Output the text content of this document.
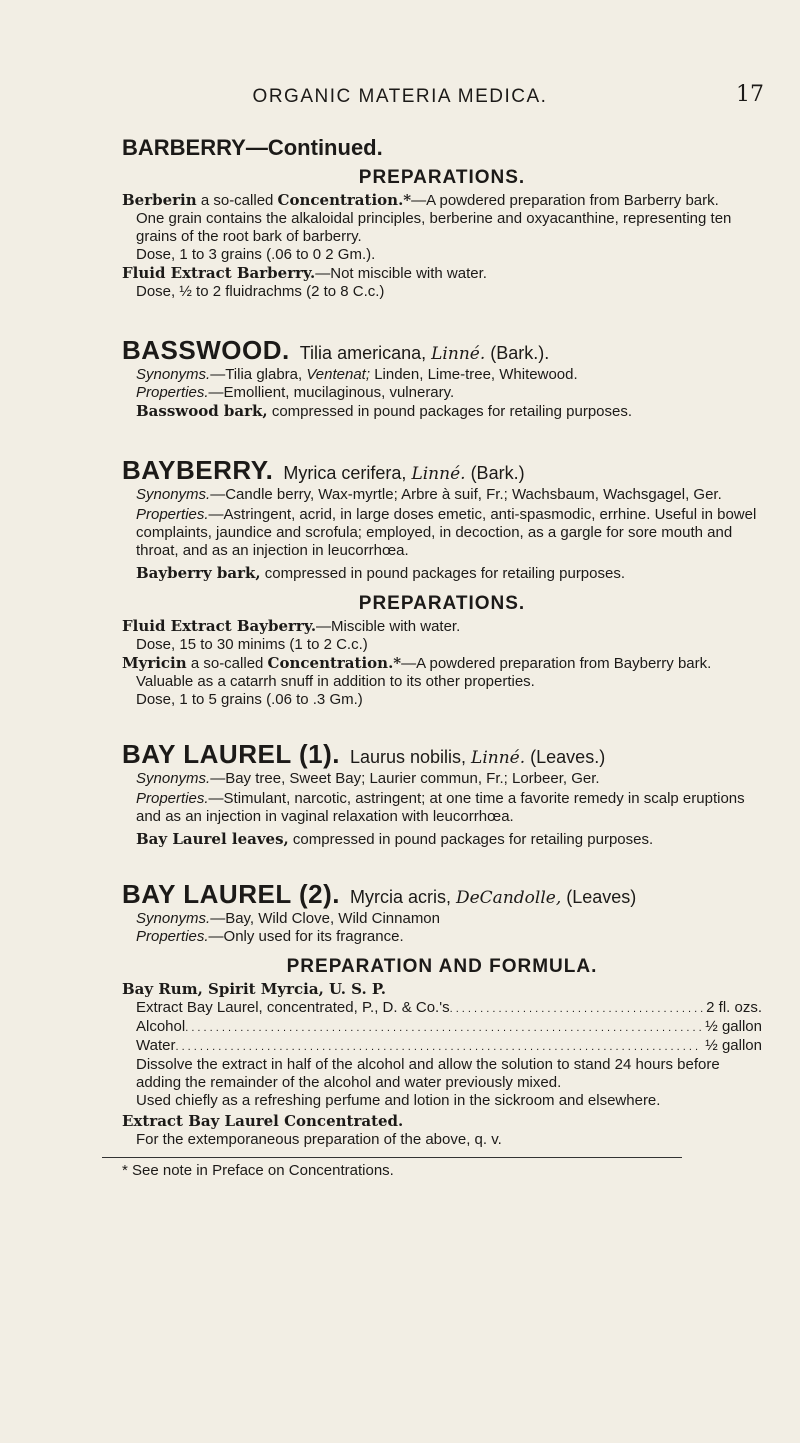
ORGANIC MATERIA MEDICA.	17
BARBERRY—Continued.
PREPARATIONS.
Berberin a so-called Concentration.*—A powdered preparation from Barberry bark.
One grain contains the alkaloidal principles, berberine and oxyacanthine, representing ten grains of the root bark of barberry.
Dose, 1 to 3 grains (.06 to 0 2 Gm.).
Fluid Extract Barberry.—Not miscible with water.
Dose, ½ to 2 fluidrachms (2 to 8 C.c.)
BASSWOOD. Tilia americana, Linné. (Bark.).
Synonyms.—Tilia glabra, Ventenat; Linden, Lime-tree, Whitewood.
Properties.—Emollient, mucilaginous, vulnerary.
Basswood bark, compressed in pound packages for retailing purposes.
BAYBERRY. Myrica cerifera, Linné. (Bark.)
Synonyms.—Candle berry, Wax-myrtle; Arbre à suif, Fr.; Wachsbaum, Wachsgagel, Ger.
Properties.—Astringent, acrid, in large doses emetic, anti-spasmodic, errhine. Useful in bowel complaints, jaundice and scrofula; employed, in decoction, as a gargle for sore mouth and throat, and as an injection in leucorrhœa.
Bayberry bark, compressed in pound packages for retailing purposes.
PREPARATIONS.
Fluid Extract Bayberry.—Miscible with water.
Dose, 15 to 30 minims (1 to 2 C.c.)
Myricin a so-called Concentration.*—A powdered preparation from Bayberry bark.
Valuable as a catarrh snuff in addition to its other properties.
Dose, 1 to 5 grains (.06 to .3 Gm.)
BAY LAUREL (1). Laurus nobilis, Linné. (Leaves.)
Synonyms.—Bay tree, Sweet Bay; Laurier commun, Fr.; Lorbeer, Ger.
Properties.—Stimulant, narcotic, astringent; at one time a favorite remedy in scalp eruptions and as an injection in vaginal relaxation with leucorrhœa.
Bay Laurel leaves, compressed in pound packages for retailing purposes.
BAY LAUREL (2). Myrcia acris, DeCandolle, (Leaves)
Synonyms.—Bay, Wild Clove, Wild Cinnamon
Properties.—Only used for its fragrance.
PREPARATION AND FORMULA.
Bay Rum, Spirit Myrcia, U. S. P.
Extract Bay Laurel, concentrated, P., D. & Co.'s . . .	2 fl. ozs.
Alcohol . . .	½ gallon
Water . . .	½ gallon
Dissolve the extract in half of the alcohol and allow the solution to stand 24 hours before adding the remainder of the alcohol and water previously mixed.
Used chiefly as a refreshing perfume and lotion in the sickroom and elsewhere.
Extract Bay Laurel Concentrated.
For the extemporaneous preparation of the above, q. v.
* See note in Preface on Concentrations.
